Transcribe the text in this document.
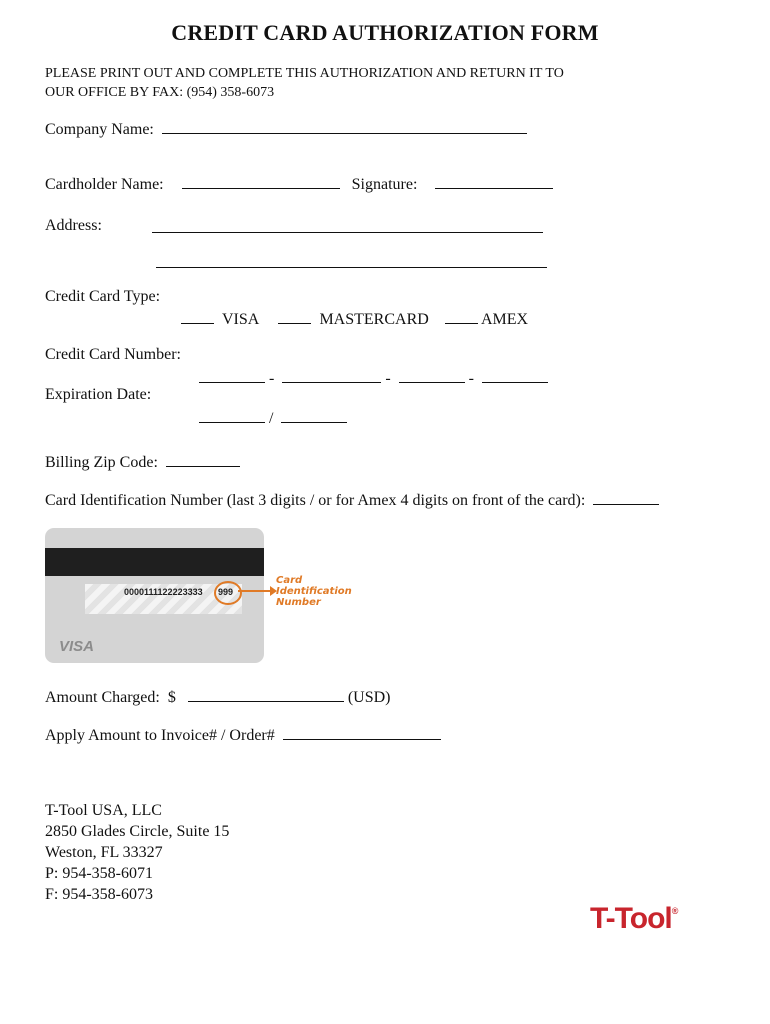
CREDIT CARD AUTHORIZATION FORM
PLEASE PRINT OUT AND COMPLETE THIS AUTHORIZATION AND RETURN IT TO
OUR OFFICE BY FAX: (954) 358-6073
Company Name:
Cardholder Name:	Signature:
Address:
Credit Card Type:
VISA	MASTERCARD	AMEX
Credit Card Number:
-	-	-
Expiration Date:
/
Billing Zip Code:
Card Identification Number (last 3 digits / or for Amex 4 digits on front of the card):
0000111122223333 999
VISA
Card
Identification
Number
Amount Charged: $	(USD)
Apply Amount to Invoice# / Order#
T-Tool USA, LLC
2850 Glades Circle, Suite 15
Weston, FL 33327
P: 954-358-6071
F: 954-358-6073
T-Tool®
